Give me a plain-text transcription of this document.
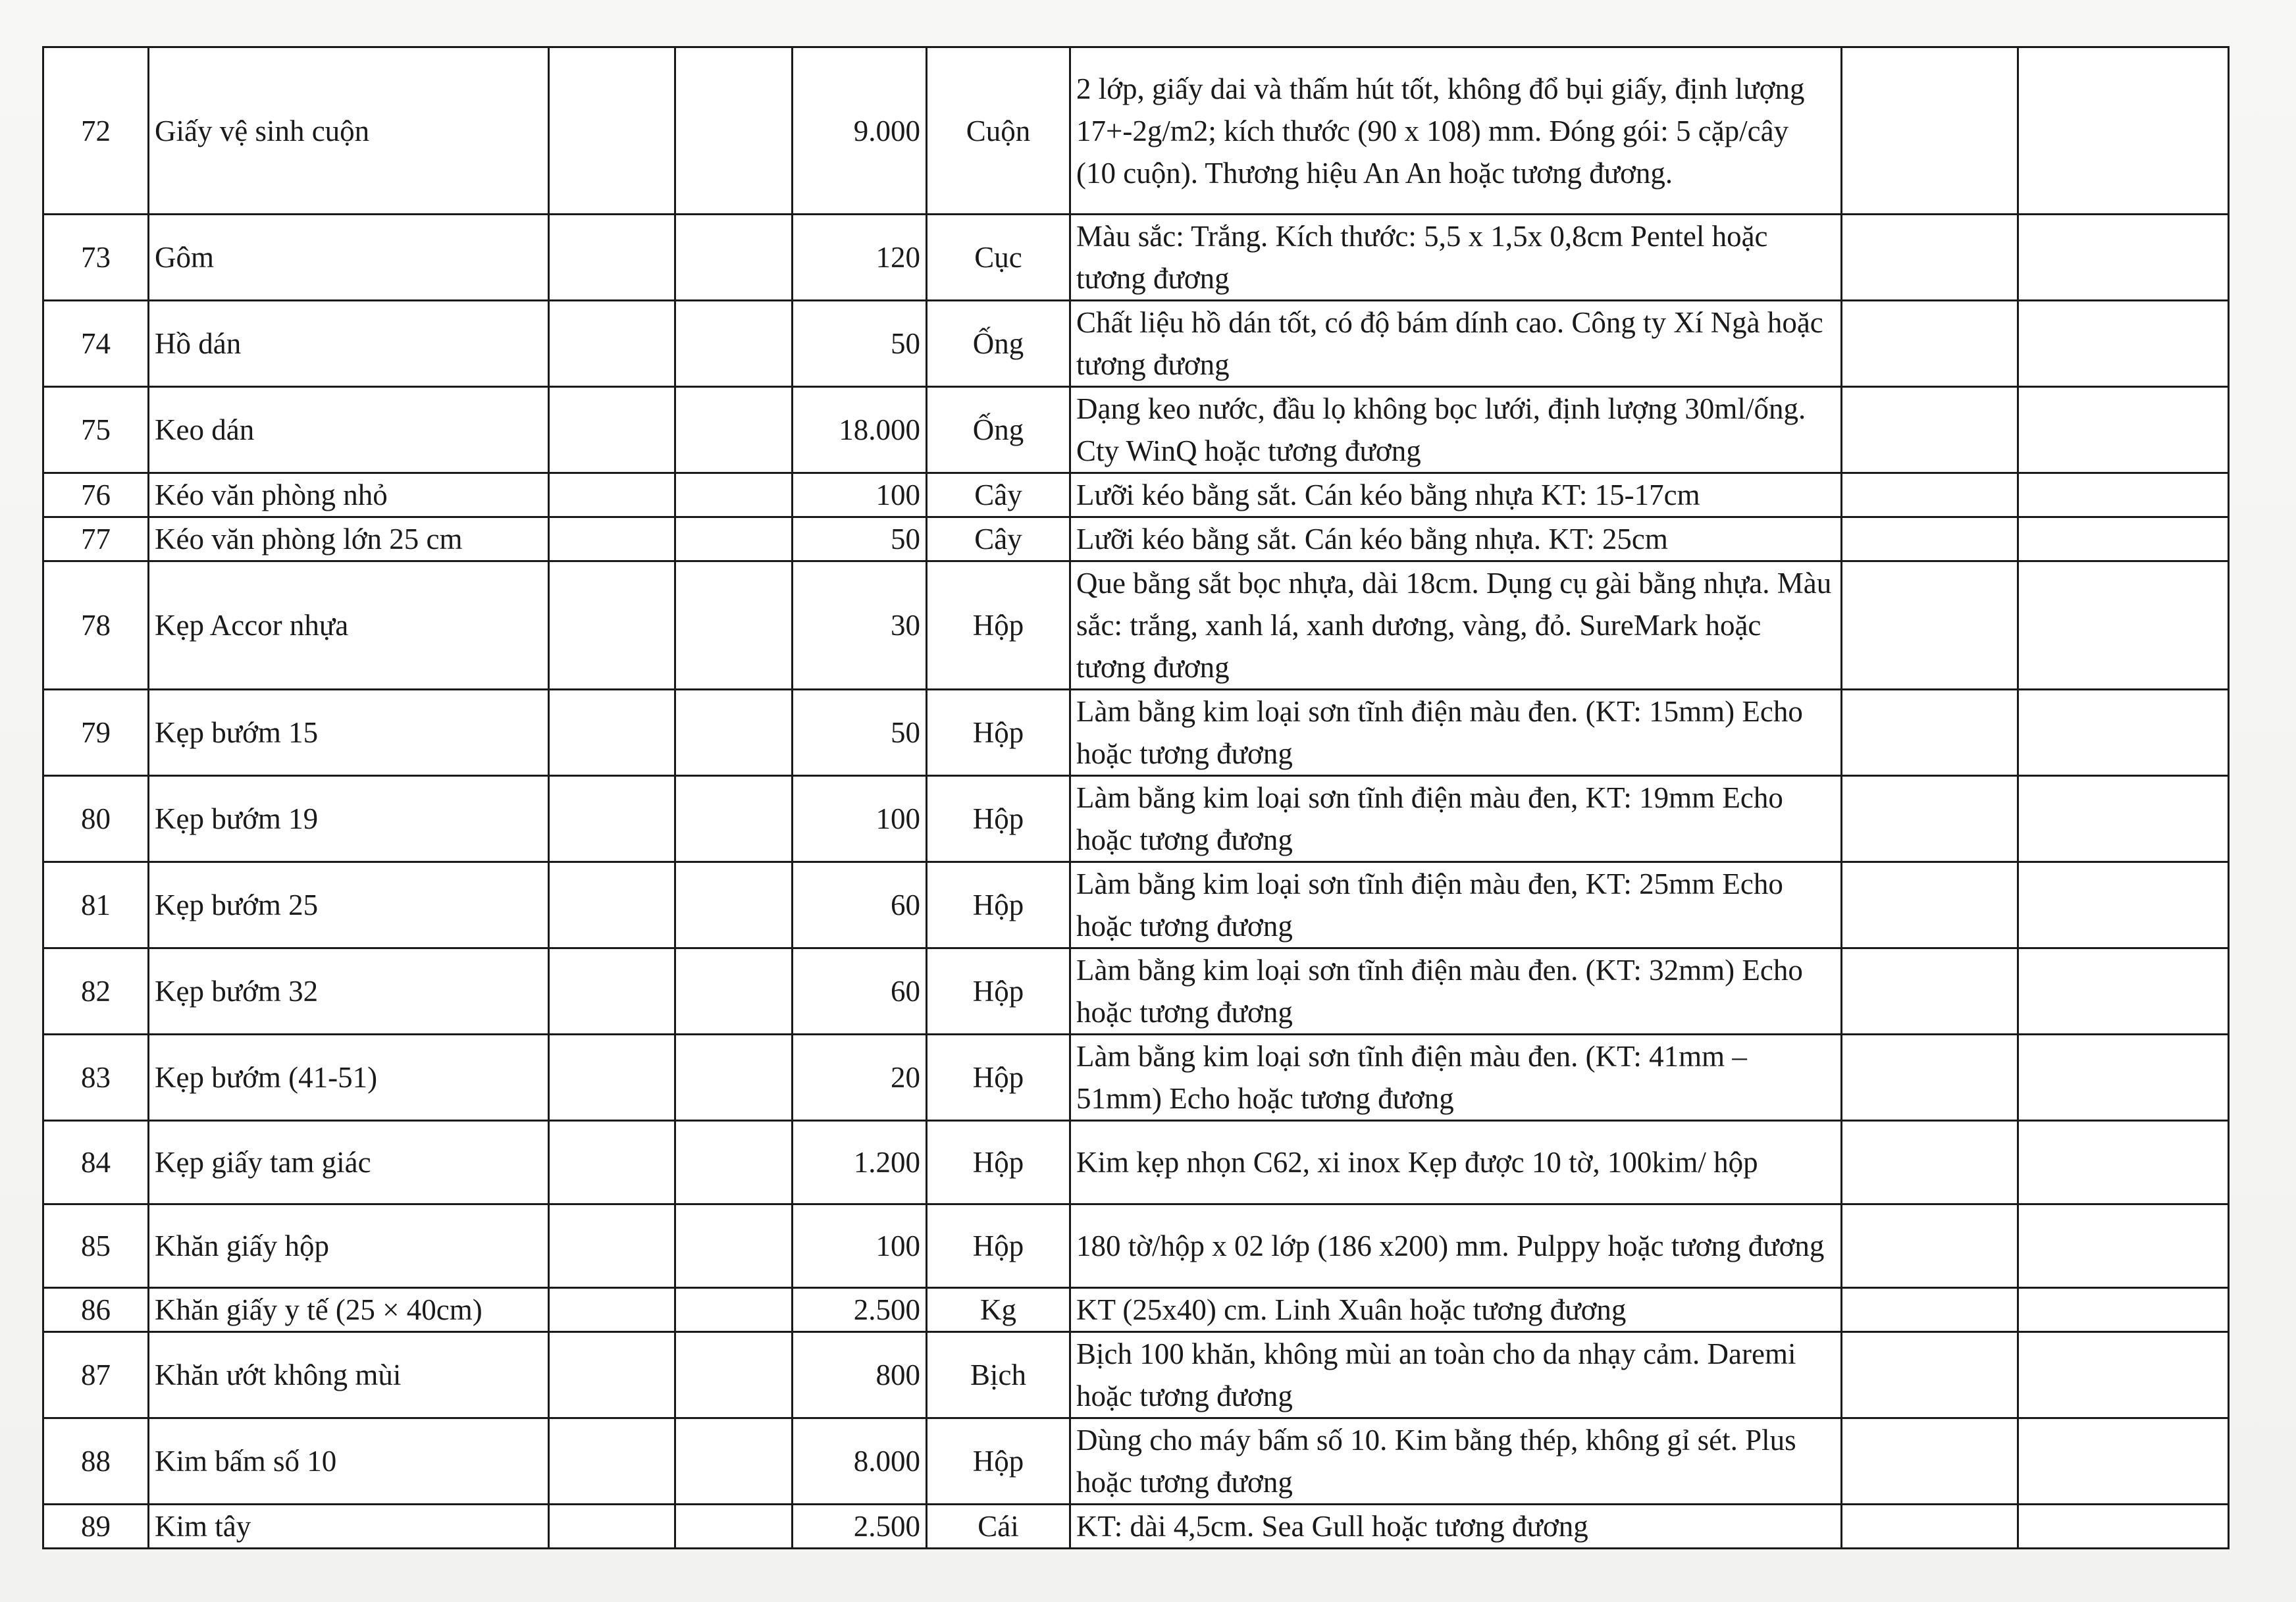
72	Giấy vệ sinh cuộn			9.000	Cuộn	2 lớp, giấy dai và thấm hút tốt, không đổ bụi giấy, định lượng 17+-2g/m2; kích thước (90 x 108) mm. Đóng gói: 5 cặp/cây (10 cuộn). Thương hiệu An An hoặc tương đương.		
73	Gôm			120	Cục	Màu sắc: Trắng. Kích thước: 5,5 x 1,5x 0,8cm Pentel hoặc tương đương		
74	Hồ dán			50	Ống	Chất liệu hồ dán tốt, có độ bám dính cao. Công ty Xí Ngà hoặc tương đương		
75	Keo dán			18.000	Ống	Dạng keo nước, đầu lọ không bọc lưới, định lượng 30ml/ống. Cty WinQ hoặc tương đương		
76	Kéo văn phòng nhỏ			100	Cây	Lưỡi kéo bằng sắt. Cán kéo bằng nhựa KT: 15-17cm		
77	Kéo văn phòng lớn 25 cm			50	Cây	Lưỡi kéo bằng sắt. Cán kéo bằng nhựa. KT: 25cm		
78	Kẹp Accor nhựa			30	Hộp	Que bằng sắt bọc nhựa, dài 18cm. Dụng cụ gài bằng nhựa. Màu sắc: trắng, xanh lá, xanh dương, vàng, đỏ. SureMark hoặc tương đương		
79	Kẹp bướm 15			50	Hộp	Làm bằng kim loại sơn tĩnh điện màu đen. (KT: 15mm) Echo hoặc tương đương		
80	Kẹp bướm 19			100	Hộp	Làm bằng kim loại sơn tĩnh điện màu đen, KT: 19mm Echo hoặc tương đương		
81	Kẹp bướm 25			60	Hộp	Làm bằng kim loại sơn tĩnh điện màu đen, KT: 25mm Echo hoặc tương đương		
82	Kẹp bướm 32			60	Hộp	Làm bằng kim loại sơn tĩnh điện màu đen. (KT: 32mm) Echo hoặc tương đương		
83	Kẹp bướm (41-51)			20	Hộp	Làm bằng kim loại sơn tĩnh điện màu đen. (KT: 41mm – 51mm) Echo hoặc tương đương		
84	Kẹp giấy tam giác			1.200	Hộp	Kim kẹp nhọn C62, xi inox Kẹp được 10 tờ, 100kim/ hộp		
85	Khăn giấy hộp			100	Hộp	180 tờ/hộp x 02 lớp (186 x200) mm. Pulppy hoặc tương đương		
86	Khăn giấy y tế (25 × 40cm)			2.500	Kg	KT (25x40) cm. Linh Xuân hoặc tương đương		
87	Khăn ướt không mùi			800	Bịch	Bịch 100 khăn, không mùi an toàn cho da nhạy cảm. Daremi hoặc tương đương		
88	Kim bấm số 10			8.000	Hộp	Dùng cho máy bấm số 10. Kim bằng thép, không gỉ sét. Plus hoặc tương đương		
89	Kim tây			2.500	Cái	KT: dài 4,5cm. Sea Gull hoặc tương đương		
